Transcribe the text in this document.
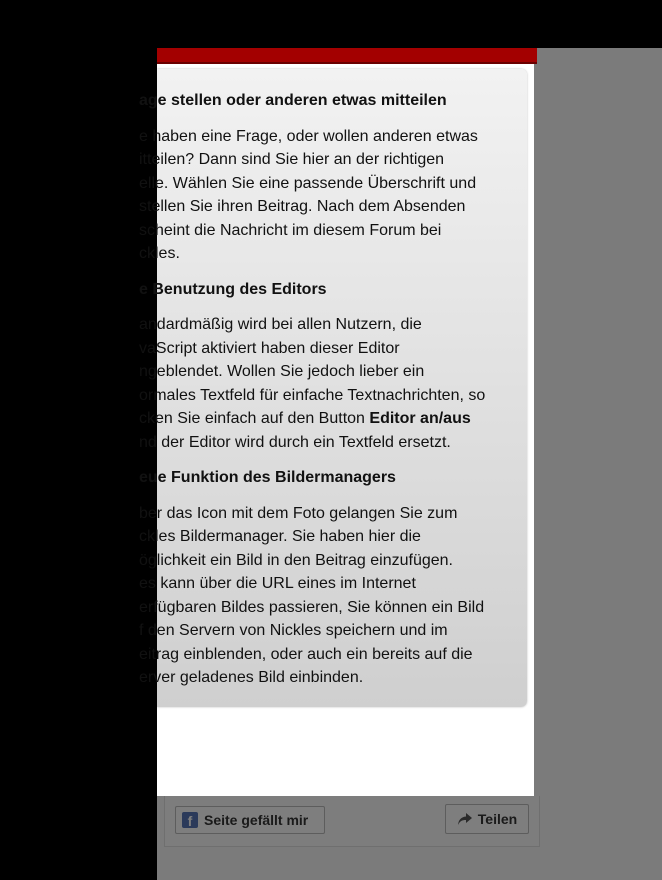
age stellen oder anderen etwas mitteilen

e haben eine Frage, oder wollen anderen etwas

itteilen? Dann sind Sie hier an der richtigen

elle. Wählen Sie eine passende Überschrift und

stellen Sie ihren Beitrag. Nach dem Absenden

scheint die Nachricht im diesem Forum bei

ckles.

e Benutzung des Editors

andardmäßig wird bei allen Nutzern, die

vaScript aktiviert haben dieser Editor

ngeblendet. Wollen Sie jedoch lieber ein

ormales Textfeld für einfache Textnachrichten, so

cken Sie einfach auf den Button Editor an/aus

nd der Editor wird durch ein Textfeld ersetzt.

eue Funktion des Bildermanagers

ber das Icon mit dem Foto gelangen Sie zum

ckles Bildermanager. Sie haben hier die

öglichkeit ein Bild in den Beitrag einzufügen.

es kann über die URL eines im Internet

erfügbaren Bildes passieren, Sie können ein Bild

f den Servern von Nickles speichern und im

eitrag einblenden, oder auch ein bereits auf die

erver geladenes Bild einbinden.

f Seite gefällt mir	Teilen
